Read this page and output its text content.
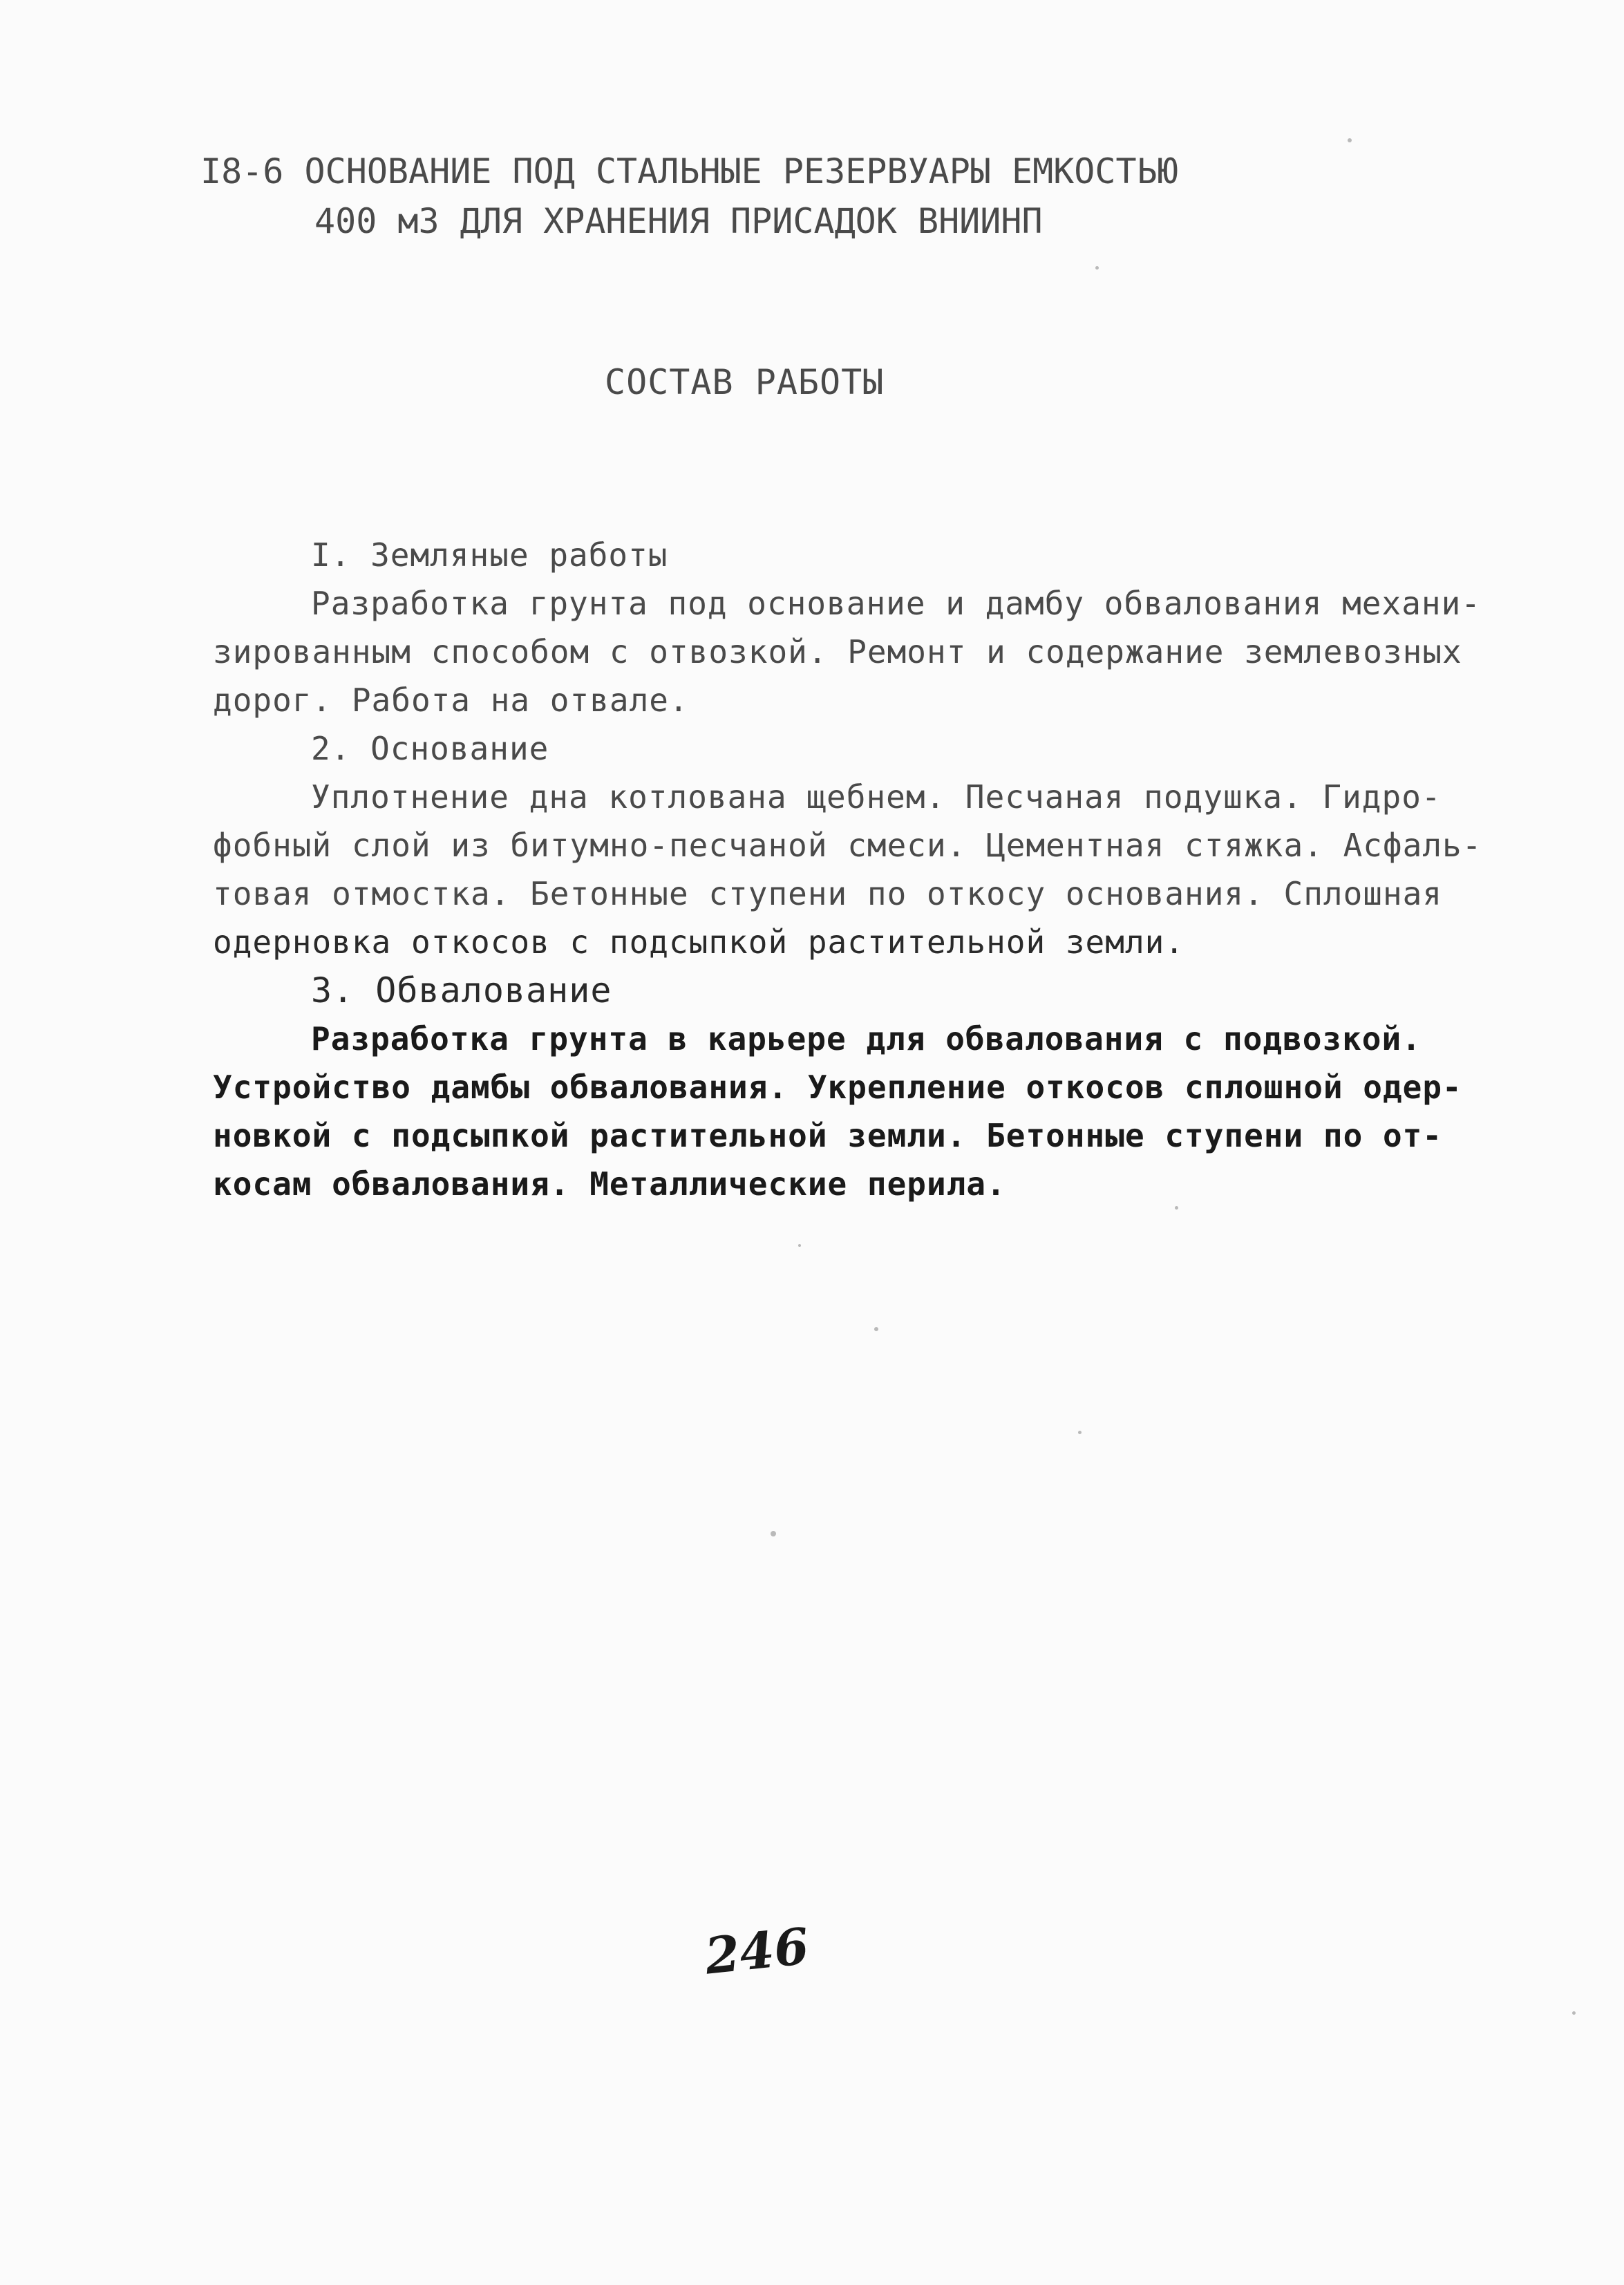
I8-6 ОСНОВАНИЕ ПОД СТАЛЬНЫЕ РЕЗЕРВУАРЫ ЕМКОСТЬЮ
400 м3 ДЛЯ ХРАНЕНИЯ ПРИСАДОК ВНИИНП
СОСТАВ РАБОТЫ
I. Земляные работы
Разработка грунта под основание и дамбу обвалования механи-
зированным способом с отвозкой. Ремонт и содержание землевозных
дорог. Работа на отвале.
2. Основание
Уплотнение дна котлована щебнем. Песчаная подушка. Гидро-
фобный слой из битумно-песчаной смеси. Цементная стяжка. Асфаль-
товая отмостка. Бетонные ступени по откосу основания. Сплошная
одерновка откосов с подсыпкой растительной земли.
3. Обвалование
Разработка грунта в карьере для обвалования с подвозкой.
Устройство дамбы обвалования. Укрепление откосов сплошной одер-
новкой с подсыпкой растительной земли. Бетонные ступени по от-
косам обвалования. Металлические перила.
246
